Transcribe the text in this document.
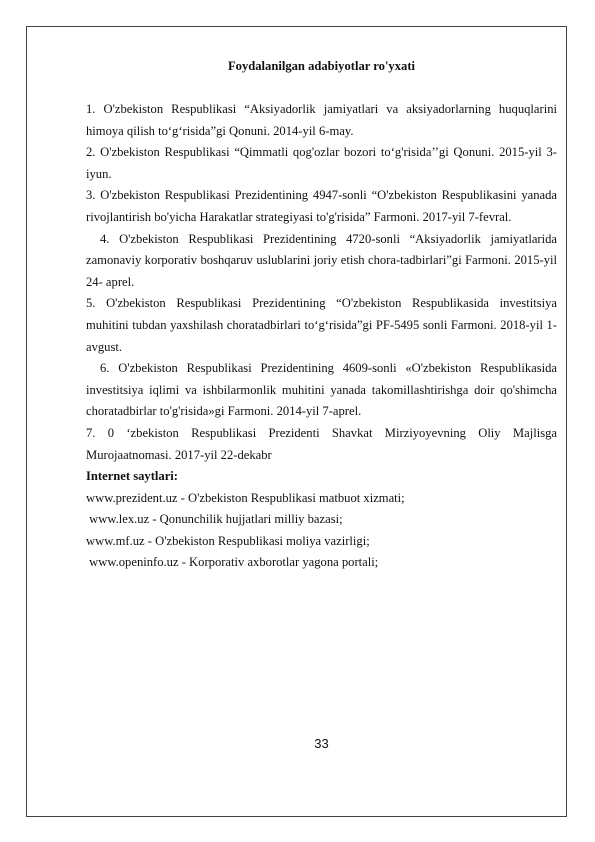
Foydalanilgan adabiyotlar ro'yxati

1. O'zbekiston Respublikasi “Aksiyadorlik jamiyatlari va aksiyadorlarning huquqlarini himoya qilish to‘g‘risida”gi Qonuni. 2014-yil 6-may.

2. O'zbekiston Respublikasi “Qimmatli qog'ozlar bozori to‘g'risida’’gi Qonuni. 2015-yil 3-iyun.

3. O'zbekiston Respublikasi Prezidentining 4947-sonli “O'zbekiston Respublikasini yanada rivojlantirish bo'yicha Harakatlar strategiyasi to'g'risida” Farmoni. 2017-yil 7-fevral.

4. O'zbekiston Respublikasi Prezidentining 4720-sonli “Aksiyadorlik jamiyatlarida zamonaviy korporativ boshqaruv uslublarini joriy etish chora-tadbirlari”gi Farmoni. 2015-yil 24- aprel.

5. O'zbekiston Respublikasi Prezidentining “O'zbekiston Respublikasida investitsiya muhitini tubdan yaxshilash choratadbirlari to‘g‘risida”gi PF-5495 sonli Farmoni. 2018-yil 1-avgust.

6. O'zbekiston Respublikasi Prezidentining 4609-sonli «O'zbekiston Respublikasida investitsiya iqlimi va ishbilarmonlik muhitini yanada takomillashtirishga doir qo'shimcha choratadbirlar to'g'risida»gi Farmoni. 2014-yil 7-aprel.

7. 0 ‘zbekiston Respublikasi Prezidenti Shavkat Mirziyoyevning Oliy Majlisga Murojaatnomasi. 2017-yil 22-dekabr

Internet saytlari:

www.prezident.uz - O'zbekiston Respublikasi matbuot xizmati;

www.lex.uz - Qonunchilik hujjatlari milliy bazasi;

www.mf.uz - O'zbekiston Respublikasi moliya vazirligi;

www.openinfo.uz - Korporativ axborotlar yagona portali;

33
